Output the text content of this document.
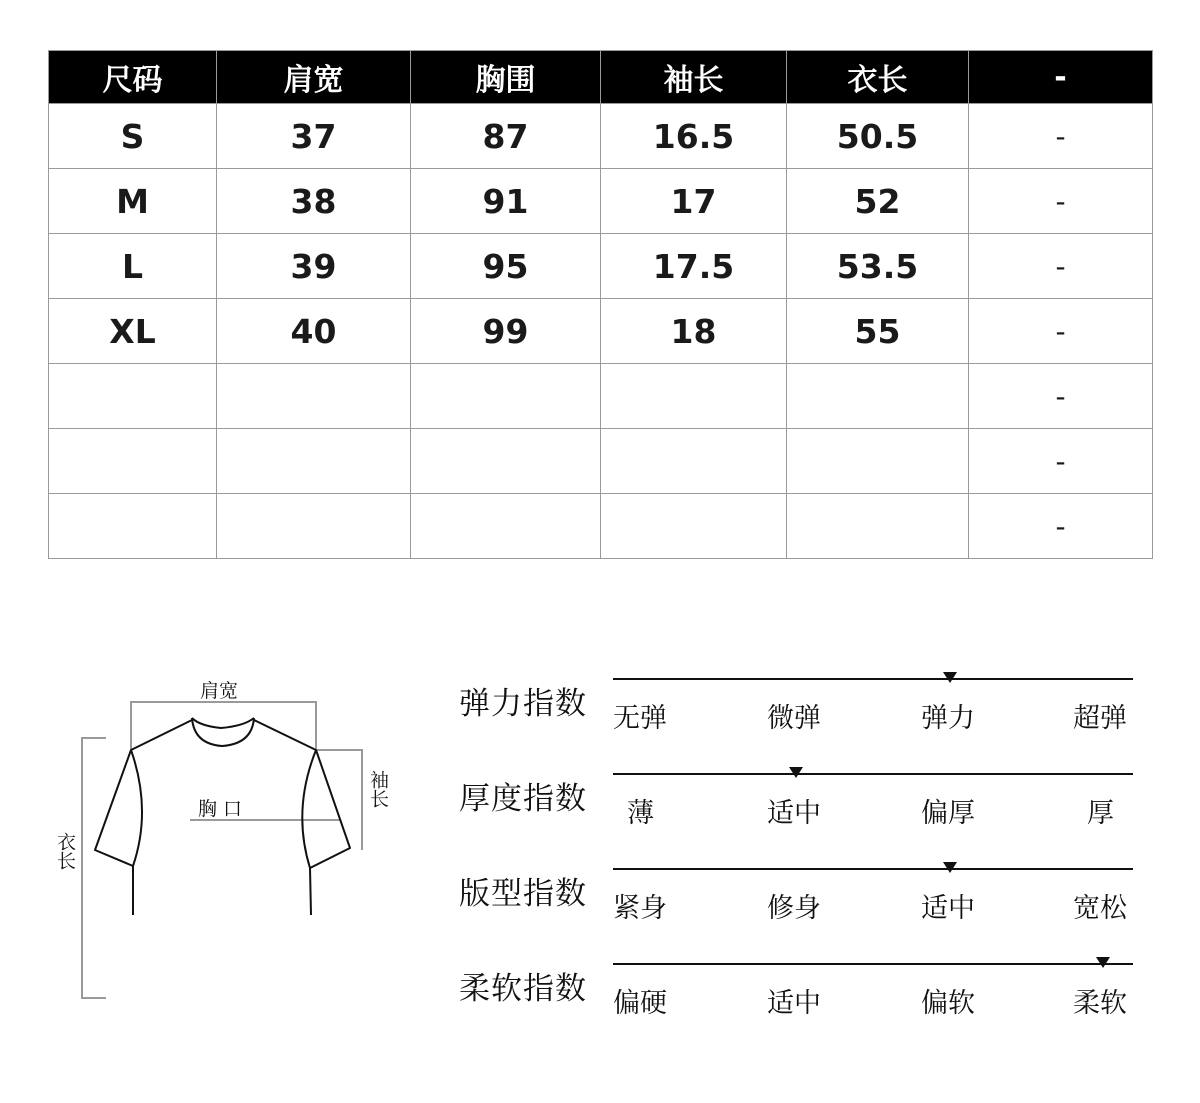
尺码	肩宽	胸围	袖长	衣长	-
S	37	87	16.5	50.5	-
M	38	91	17	52	-
L	39	95	17.5	53.5	-
XL	40	99	18	55	-
					-
					-
					-
肩宽
胸 口
袖长
衣长
弹力指数 无弹	微弹	弹力	超弹
厚度指数 薄	适中	偏厚	厚
版型指数 紧身	修身	适中	宽松
柔软指数 偏硬	适中	偏软	柔软
